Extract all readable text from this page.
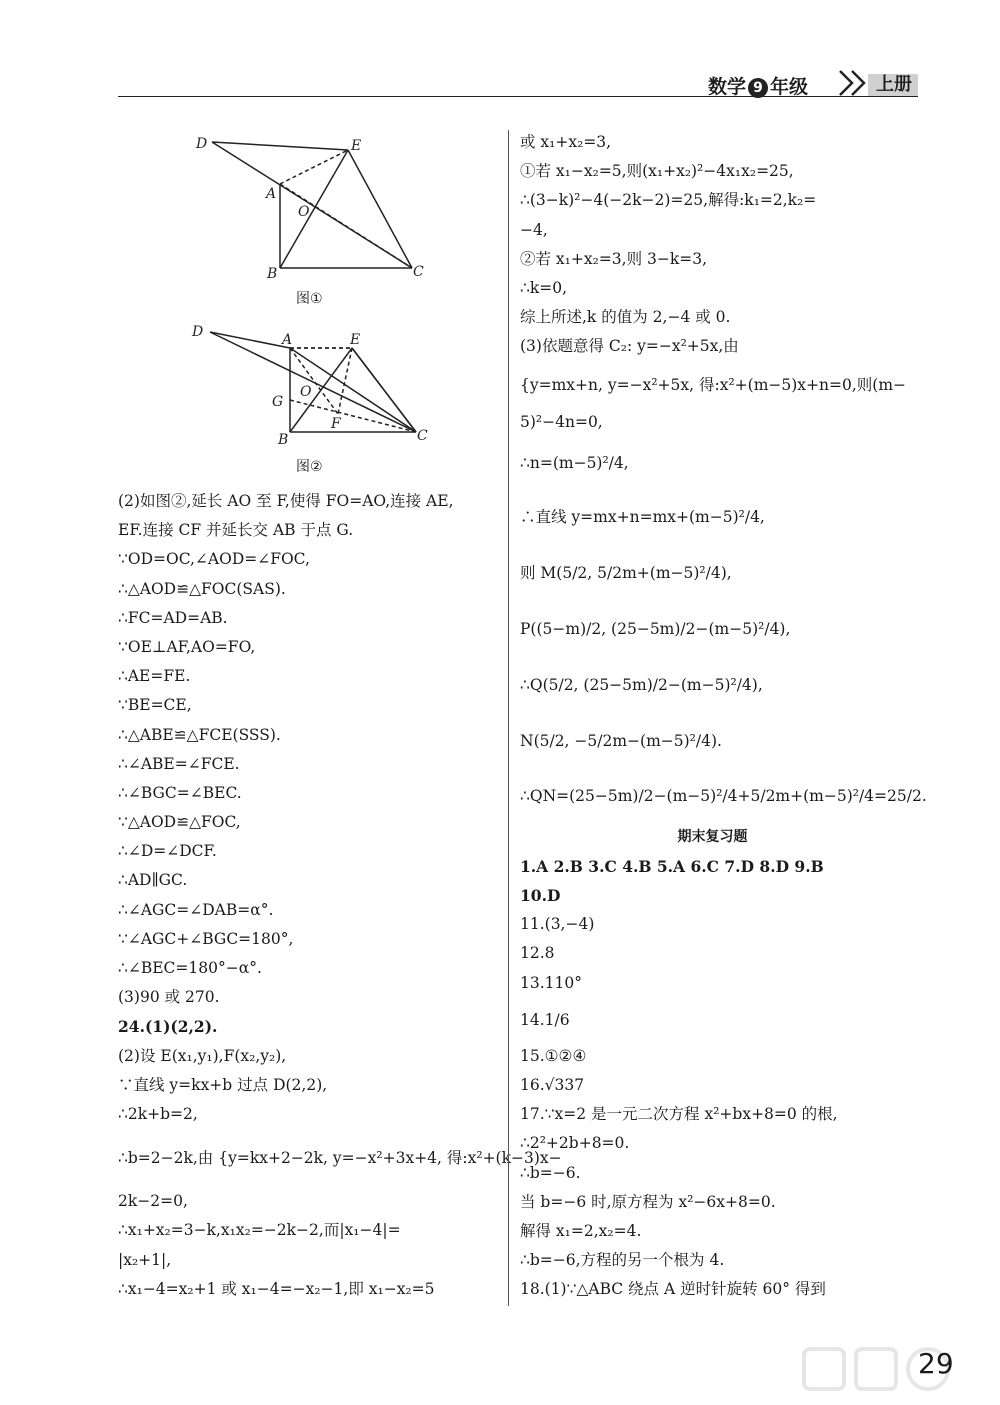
数学 9 年级	上册
D	E
A
O
B	C
图①
D	A	E
O
G
F
B	C
图②
(2)如图②,延长 AO 至 F,使得 FO=AO,连接 AE,
EF.连接 CF 并延长交 AB 于点 G.
∵OD=OC,∠AOD=∠FOC,
∴△AOD≌△FOC(SAS).
∴FC=AD=AB.
∵OE⊥AF,AO=FO,
∴AE=FE.
∵BE=CE,
∴△ABE≌△FCE(SSS).
∴∠ABE=∠FCE.
∴∠BGC=∠BEC.
∵△AOD≌△FOC,
∴∠D=∠DCF.
∴AD∥GC.
∴∠AGC=∠DAB=α°.
∵∠AGC+∠BGC=180°,
∴∠BEC=180°−α°.
(3)90 或 270.
24.(1)(2,2).
(2)设 E(x₁,y₁),F(x₂,y₂),
∵直线 y=kx+b 过点 D(2,2),
∴2k+b=2,
∴b=2−2k,由 {y=kx+2−2k, y=−x²+3x+4, 得:x²+(k−3)x−
2k−2=0,
∴x₁+x₂=3−k,x₁x₂=−2k−2,而|x₁−4|=
|x₂+1|,
∴x₁−4=x₂+1 或 x₁−4=−x₂−1,即 x₁−x₂=5
或 x₁+x₂=3,
①若 x₁−x₂=5,则(x₁+x₂)²−4x₁x₂=25,
∴(3−k)²−4(−2k−2)=25,解得:k₁=2,k₂=
−4,
②若 x₁+x₂=3,则 3−k=3,
∴k=0,
综上所述,k 的值为 2,−4 或 0.
(3)依题意得 C₂: y=−x²+5x,由
{y=mx+n, y=−x²+5x, 得:x²+(m−5)x+n=0,则(m−
5)²−4n=0,
∴n=(m−5)²/4,
∴直线 y=mx+n=mx+(m−5)²/4,
则 M(5/2, 5/2m+(m−5)²/4),
P((5−m)/2, (25−5m)/2−(m−5)²/4),
∴Q(5/2, (25−5m)/2−(m−5)²/4),
N(5/2, −5/2m−(m−5)²/4).
∴QN=(25−5m)/2−(m−5)²/4+5/2m+(m−5)²/4=25/2.
期末复习题
1.A 2.B 3.C 4.B 5.A 6.C 7.D 8.D 9.B
10.D
11.(3,−4)
12.8
13.110°
14.1/6
15.①②④
16.√337
17.∵x=2 是一元二次方程 x²+bx+8=0 的根,
∴2²+2b+8=0.
∴b=−6.
当 b=−6 时,原方程为 x²−6x+8=0.
解得 x₁=2,x₂=4.
∴b=−6,方程的另一个根为 4.
18.(1)∵△ABC 绕点 A 逆时针旋转 60° 得到
29
